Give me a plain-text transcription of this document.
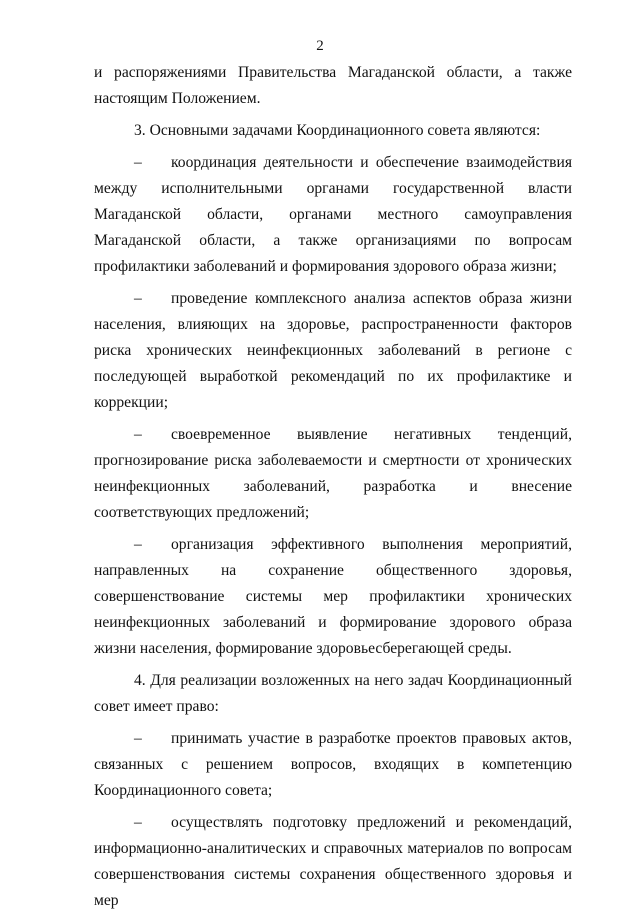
2

и распоряжениями Правительства Магаданской области, а также настоящим Положением.

3. Основными задачами Координационного совета являются:

– координация деятельности и обеспечение взаимодействия между исполнительными органами государственной власти Магаданской области, органами местного самоуправления Магаданской области, а также организациями по вопросам профилактики заболеваний и формирования здорового образа жизни;

– проведение комплексного анализа аспектов образа жизни населения, влияющих на здоровье, распространенности факторов риска хронических неинфекционных заболеваний в регионе с последующей выработкой рекомендаций по их профилактике и коррекции;

– своевременное выявление негативных тенденций, прогнозирование риска заболеваемости и смертности от хронических неинфекционных заболеваний, разработка и внесение соответствующих предложений;

– организация эффективного выполнения мероприятий, направленных на сохранение общественного здоровья, совершенствование системы мер профилактики хронических неинфекционных заболеваний и формирование здорового образа жизни населения, формирование здоровьесберегающей среды.

4. Для реализации возложенных на него задач Координационный совет имеет право:

– принимать участие в разработке проектов правовых актов, связанных с решением вопросов, входящих в компетенцию Координационного совета;

– осуществлять подготовку предложений и рекомендаций, информационно-аналитических и справочных материалов по вопросам совершенствования системы сохранения общественного здоровья и мер
